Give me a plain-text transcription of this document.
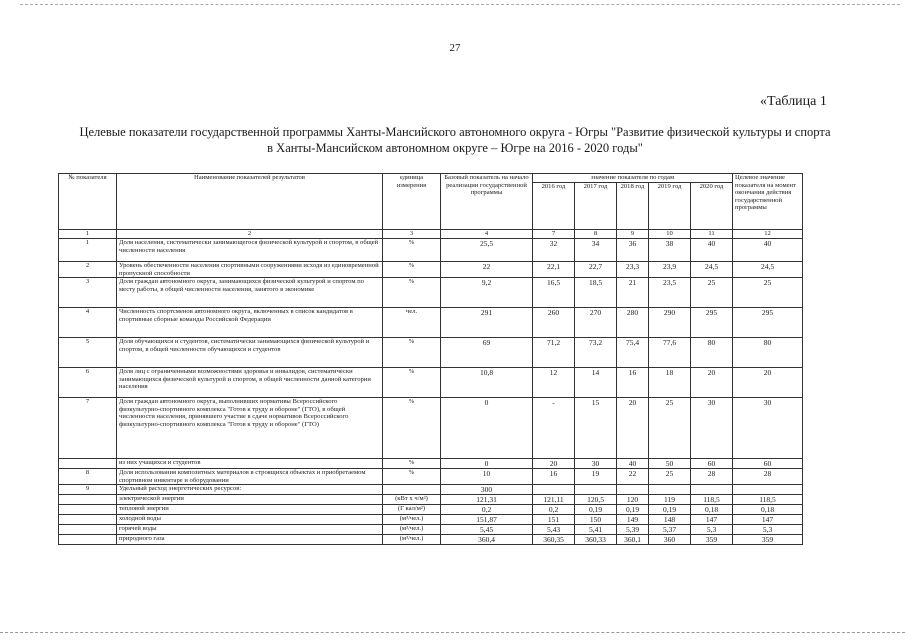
27
«Таблица 1
Целевые показатели государственной программы Ханты-Мансийского автономного округа - Югры "Развитие физической культуры и спорта
в Ханты-Мансийском автономном округе – Югре на 2016 - 2020 годы"
№ показателя	Наименование показателей результатов	единица измерения	Базовый показатель на начало реализации государственной программы	значение показателя по годам					Целевое значение показателя на момент окончания действия государственной программы
				2016 год	2017 год	2018 год	2019 год	2020 год	
1	2	3	4	7	8	9	10	11	12
1	Доля населения, систематически занимающегося физической культурой и спортом, в общей численности населения	%	25,5	32	34	36	38	40	40
2	Уровень обеспеченности населения спортивными сооружениями исходя из единовременной пропускной способности	%	22	22,1	22,7	23,3	23,9	24,5	24,5
3	Доля граждан автономного округа, занимающихся физической культурой и спортом по месту работы, в общей численности населения, занятого в экономике	%	9,2	16,5	18,5	21	23,5	25	25
4	Численность спортсменов автономного округа, включенных в список кандидатов в спортивные сборные команды Российской Федерации	чел.	291	260	270	280	290	295	295
5	Доля обучающихся и студентов, систематически занимающихся физической культурой и спортом, в общей численности обучающихся и студентов	%	69	71,2	73,2	75,4	77,6	80	80
6	Доля лиц с ограниченными возможностями здоровья и инвалидов, систематически занимающихся физической культурой и спортом, в общей численности данной категории населения	%	10,8	12	14	16	18	20	20
7	Доля граждан автономного округа, выполнивших нормативы Всероссийского физкультурно-спортивного комплекса "Готов к труду и обороне" (ГТО), в общей численности населения, принявшего участие в сдаче нормативов Всероссийского физкультурно-спортивного комплекса "Готов к труду и обороне" (ГТО)	%	0	-	15	20	25	30	30
	из них учащихся и студентов	%	0	20	30	40	50	60	60
8	Доля использования композитных материалов в строящихся объектах и приобретаемом спортивном инвентаре и оборудовании	%	10	16	19	22	25	28	28
9	Удельный расход энергетических ресурсов:		300						
	электрической энергии	(кВт х ч/м²)	121,31	121,11	120,5	120	119	118,5	118,5
	тепловой энергии	(Г кал/м²)	0,2	0,2	0,19	0,19	0,19	0,18	0,18
	холодной воды	(м³/чел.)	151,87	151	150	149	148	147	147
	горячей воды	(м³/чел.)	5,45	5,43	5,41	5,39	5,37	5,3	5,3
	природного газа	(м³/чел.)	360,4	360,35	360,33	360,1	360	359	359
